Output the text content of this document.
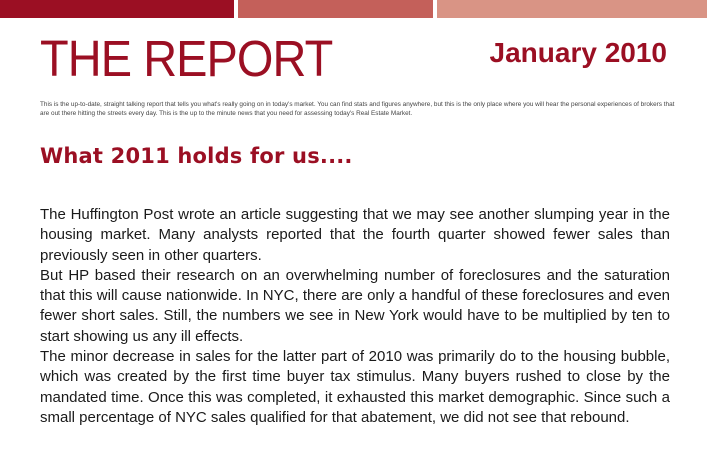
THE REPORT	January 2010

This is the up-to-date, straight talking report that tells you what's really going on in today's market. You can find stats and figures anywhere, but this is the only place where you will hear the personal experiences of brokers that are out there hitting the streets every day. This is the up to the minute news that you need for assessing today's Real Estate Market.

What 2011 holds for us....

The Huffington Post wrote an article suggesting that we may see another slumping year in the housing market. Many analysts reported that the fourth quarter showed fewer sales than previously seen in other quarters.

But HP based their research on an overwhelming number of foreclosures and the saturation that this will cause nationwide. In NYC, there are only a handful of these foreclosures and even fewer short sales. Still, the numbers we see in New York would have to be multiplied by ten to start showing us any ill effects.

The minor decrease in sales for the latter part of 2010 was primarily do to the housing bubble, which was created by the first time buyer tax stimulus. Many buyers rushed to close by the mandated time. Once this was completed, it exhausted this market demographic. Since such a small percentage of NYC sales qualified for that abatement, we did not see that rebound.
